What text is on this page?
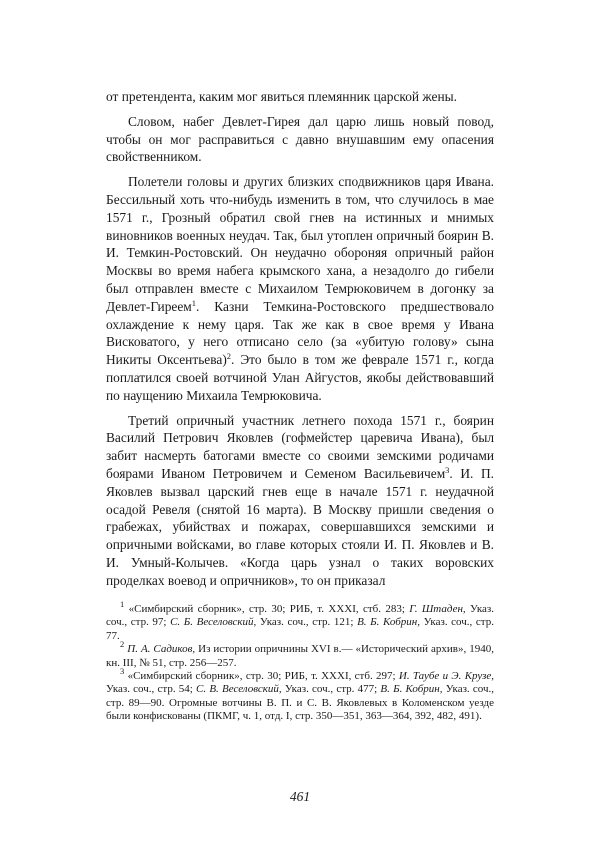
от претендента, каким мог явиться племянник царской жены.

Словом, набег Девлет-Гирея дал царю лишь новый повод, чтобы он мог расправиться с давно внушавшим ему опасения свойственником.

Полетели головы и других близких сподвижников царя Ивана. Бессильный хоть что-нибудь изменить в том, что случилось в мае 1571 г., Грозный обратил свой гнев на истинных и мнимых виновников военных неудач. Так, был утоплен опричный боярин В. И. Темкин-Ростовский. Он неудачно обороняя опричный район Москвы во время набега крымского хана, а незадолго до гибели был отправлен вместе с Михаилом Темрюковичем в догонку за Девлет-Гиреем$^1$. Казни Темкина-Ростовского предшествовало охлаждение к нему царя. Так же как в свое время у Ивана Висковатого, у него отписано село (за «убитую голову» сына Никиты Оксентьева)$^2$. Это было в том же феврале 1571 г., когда поплатился своей вотчиной Улан Айгустов, якобы действовавший по наущению Михаила Темрюковича.

Третий опричный участник летнего похода 1571 г., боярин Василий Петрович Яковлев (гофмейстер царевича Ивана), был забит насмерть батогами вместе со своими земскими родичами боярами Иваном Петровичем и Семеном Васильевичем$^3$. И. П. Яковлев вызвал царский гнев еще в начале 1571 г. неудачной осадой Ревеля (снятой 16 марта). В Москву пришли сведения о грабежах, убийствах и пожарах, совершавшихся земскими и опричными войсками, во главе которых стояли И. П. Яковлев и В. И. Умный-Колычев. «Когда царь узнал о таких воровских проделках воевод и опричников», то он приказал

$^1$ «Симбирский сборник», стр. 30; РИБ, т. XXXI, стб. 283; Г. Штаден, Указ. соч., стр. 97; С. Б. Веселовский, Указ. соч., стр. 121; В. Б. Кобрин, Указ. соч., стр. 77.

$^2$ П. А. Садиков, Из истории опричнины XVI в.— «Исторический архив», 1940, кн. III, № 51, стр. 256—257.

$^3$ «Симбирский сборник», стр. 30; РИБ, т. XXXI, стб. 297; И. Таубе и Э. Крузе, Указ. соч., стр. 54; С. В. Веселовский, Указ. соч., стр. 477; В. Б. Кобрин, Указ. соч., стр. 89—90. Огромные вотчины В. П. и С. В. Яковлевых в Коломенском уезде были конфискованы (ПКМГ, ч. 1, отд. I, стр. 350—351, 363—364, 392, 482, 491).

461
